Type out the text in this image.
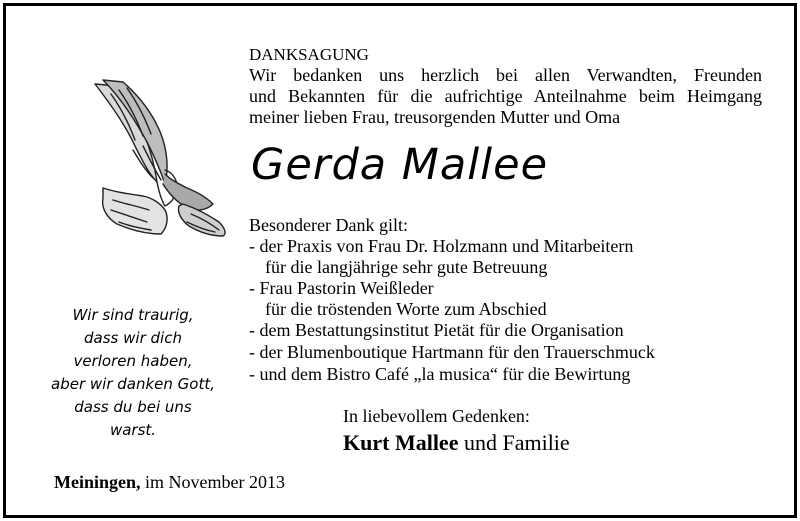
DANKSAGUNG
Wir bedanken uns herzlich bei allen Verwandten, Freunden
und Bekannten für die aufrichtige Anteilnahme beim Heimgang
meiner lieben Frau, treusorgenden Mutter und Oma
Gerda Mallee
Besonderer Dank gilt:
- der Praxis von Frau Dr. Holzmann und Mitarbeitern
für die langjährige sehr gute Betreuung
- Frau Pastorin Weißleder
für die tröstenden Worte zum Abschied
- dem Bestattungsinstitut Pietät für die Organisation
- der Blumenboutique Hartmann für den Trauerschmuck
- und dem Bistro Café „la musica“ für die Bewirtung
Wir sind traurig,
dass wir dich
verloren haben,
aber wir danken Gott,
dass du bei uns
warst.
In liebevollem Gedenken:
Kurt Mallee und Familie
Meiningen, im November 2013
